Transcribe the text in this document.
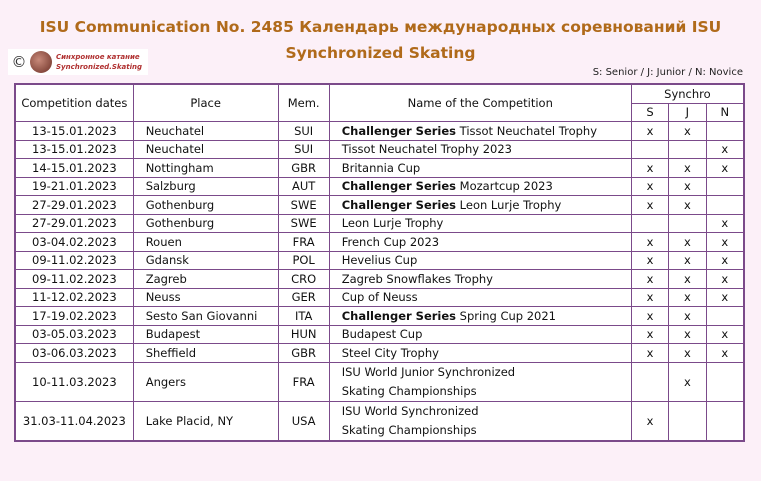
ISU Communication No. 2485 Календарь международных соревнований ISU
Synchronized Skating
©	Синхронное катание
Synchronized.Skating	S: Senior / J: Junior / N: Novice
Competition dates	Place	Mem.	Name of the Competition	Synchro		
				S	J	N
13-15.01.2023	Neuchatel	SUI	Challenger Series Tissot Neuchatel Trophy	x	x	
13-15.01.2023	Neuchatel	SUI	Tissot Neuchatel Trophy 2023			x
14-15.01.2023	Nottingham	GBR	Britannia Cup	x	x	x
19-21.01.2023	Salzburg	AUT	Challenger Series Mozartcup 2023	x	x	
27-29.01.2023	Gothenburg	SWE	Challenger Series Leon Lurje Trophy	x	x	
27-29.01.2023	Gothenburg	SWE	Leon Lurje Trophy			x
03-04.02.2023	Rouen	FRA	French Cup 2023	x	x	x
09-11.02.2023	Gdansk	POL	Hevelius Cup	x	x	x
09-11.02.2023	Zagreb	CRO	Zagreb Snowflakes Trophy	x	x	x
11-12.02.2023	Neuss	GER	Cup of Neuss	x	x	x
17-19.02.2023	Sesto San Giovanni	ITA	Challenger Series Spring Cup 2021	x	x	
03-05.03.2023	Budapest	HUN	Budapest Cup	x	x	x
03-06.03.2023	Sheffield	GBR	Steel City Trophy	x	x	x
10-11.03.2023	Angers	FRA	ISU World Junior Synchronized
Skating Championships		x	
31.03-11.04.2023	Lake Placid, NY	USA	ISU World Synchronized
Skating Championships	x		
